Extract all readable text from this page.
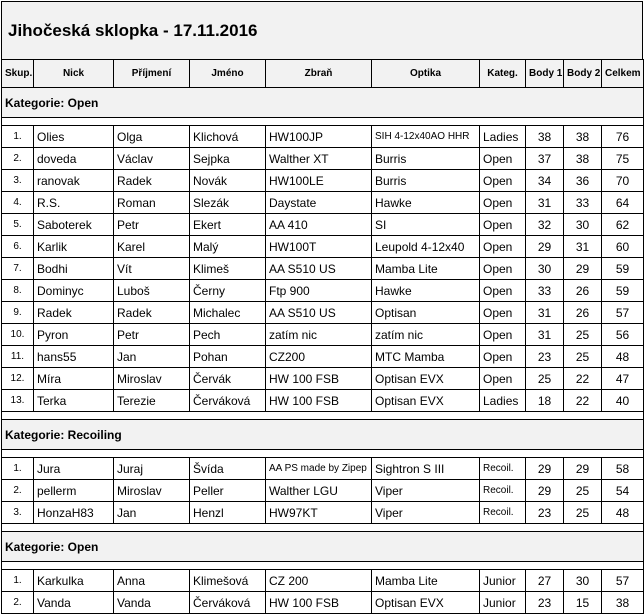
Jihočeská sklopka - 17.11.2016
Skup.	Nick	Příjmení	Jméno	Zbraň	Optika	Kateg.	Body 1	Body 2	Celkem
Kategorie: Open									

1.	Olies	Olga	Klichová	HW100JP	SIH 4-12x40AO HHR	Ladies	38	38	76
2.	doveda	Václav	Sejpka	Walther XT	Burris	Open	37	38	75
3.	ranovak	Radek	Novák	HW100LE	Burris	Open	34	36	70
4.	R.S.	Roman	Slezák	Daystate	Hawke	Open	31	33	64
5.	Saboterek	Petr	Ekert	AA 410	SI	Open	32	30	62
6.	Karlik	Karel	Malý	HW100T	Leupold 4-12x40	Open	29	31	60
7.	Bodhi	Vít	Klimeš	AA S510 US	Mamba Lite	Open	30	29	59
8.	Dominyc	Luboš	Černy	Ftp 900	Hawke	Open	33	26	59
9.	Radek	Radek	Michalec	AA S510 US	Optisan	Open	31	26	57
10.	Pyron	Petr	Pech	zatím nic	zatím nic	Open	31	25	56
11.	hans55	Jan	Pohan	CZ200	MTC Mamba	Open	23	25	48
12.	Míra	Miroslav	Červák	HW 100 FSB	Optisan EVX	Open	25	22	47
13.	Terka	Terezie	Červáková	HW 100 FSB	Optisan EVX	Ladies	18	22	40

Kategorie: Recoiling									

1.	Jura	Juraj	Švída	AA PS made by Zipep	Sightron S III	Recoil.	29	29	58
2.	pellerm	Miroslav	Peller	Walther LGU	Viper	Recoil.	29	25	54
3.	HonzaH83	Jan	Henzl	HW97KT	Viper	Recoil.	23	25	48

Kategorie: Open									

1.	Karkulka	Anna	Klimešová	CZ 200	Mamba Lite	Junior	27	30	57
2.	Vanda	Vanda	Červáková	HW 100 FSB	Optisan EVX	Junior	23	15	38
